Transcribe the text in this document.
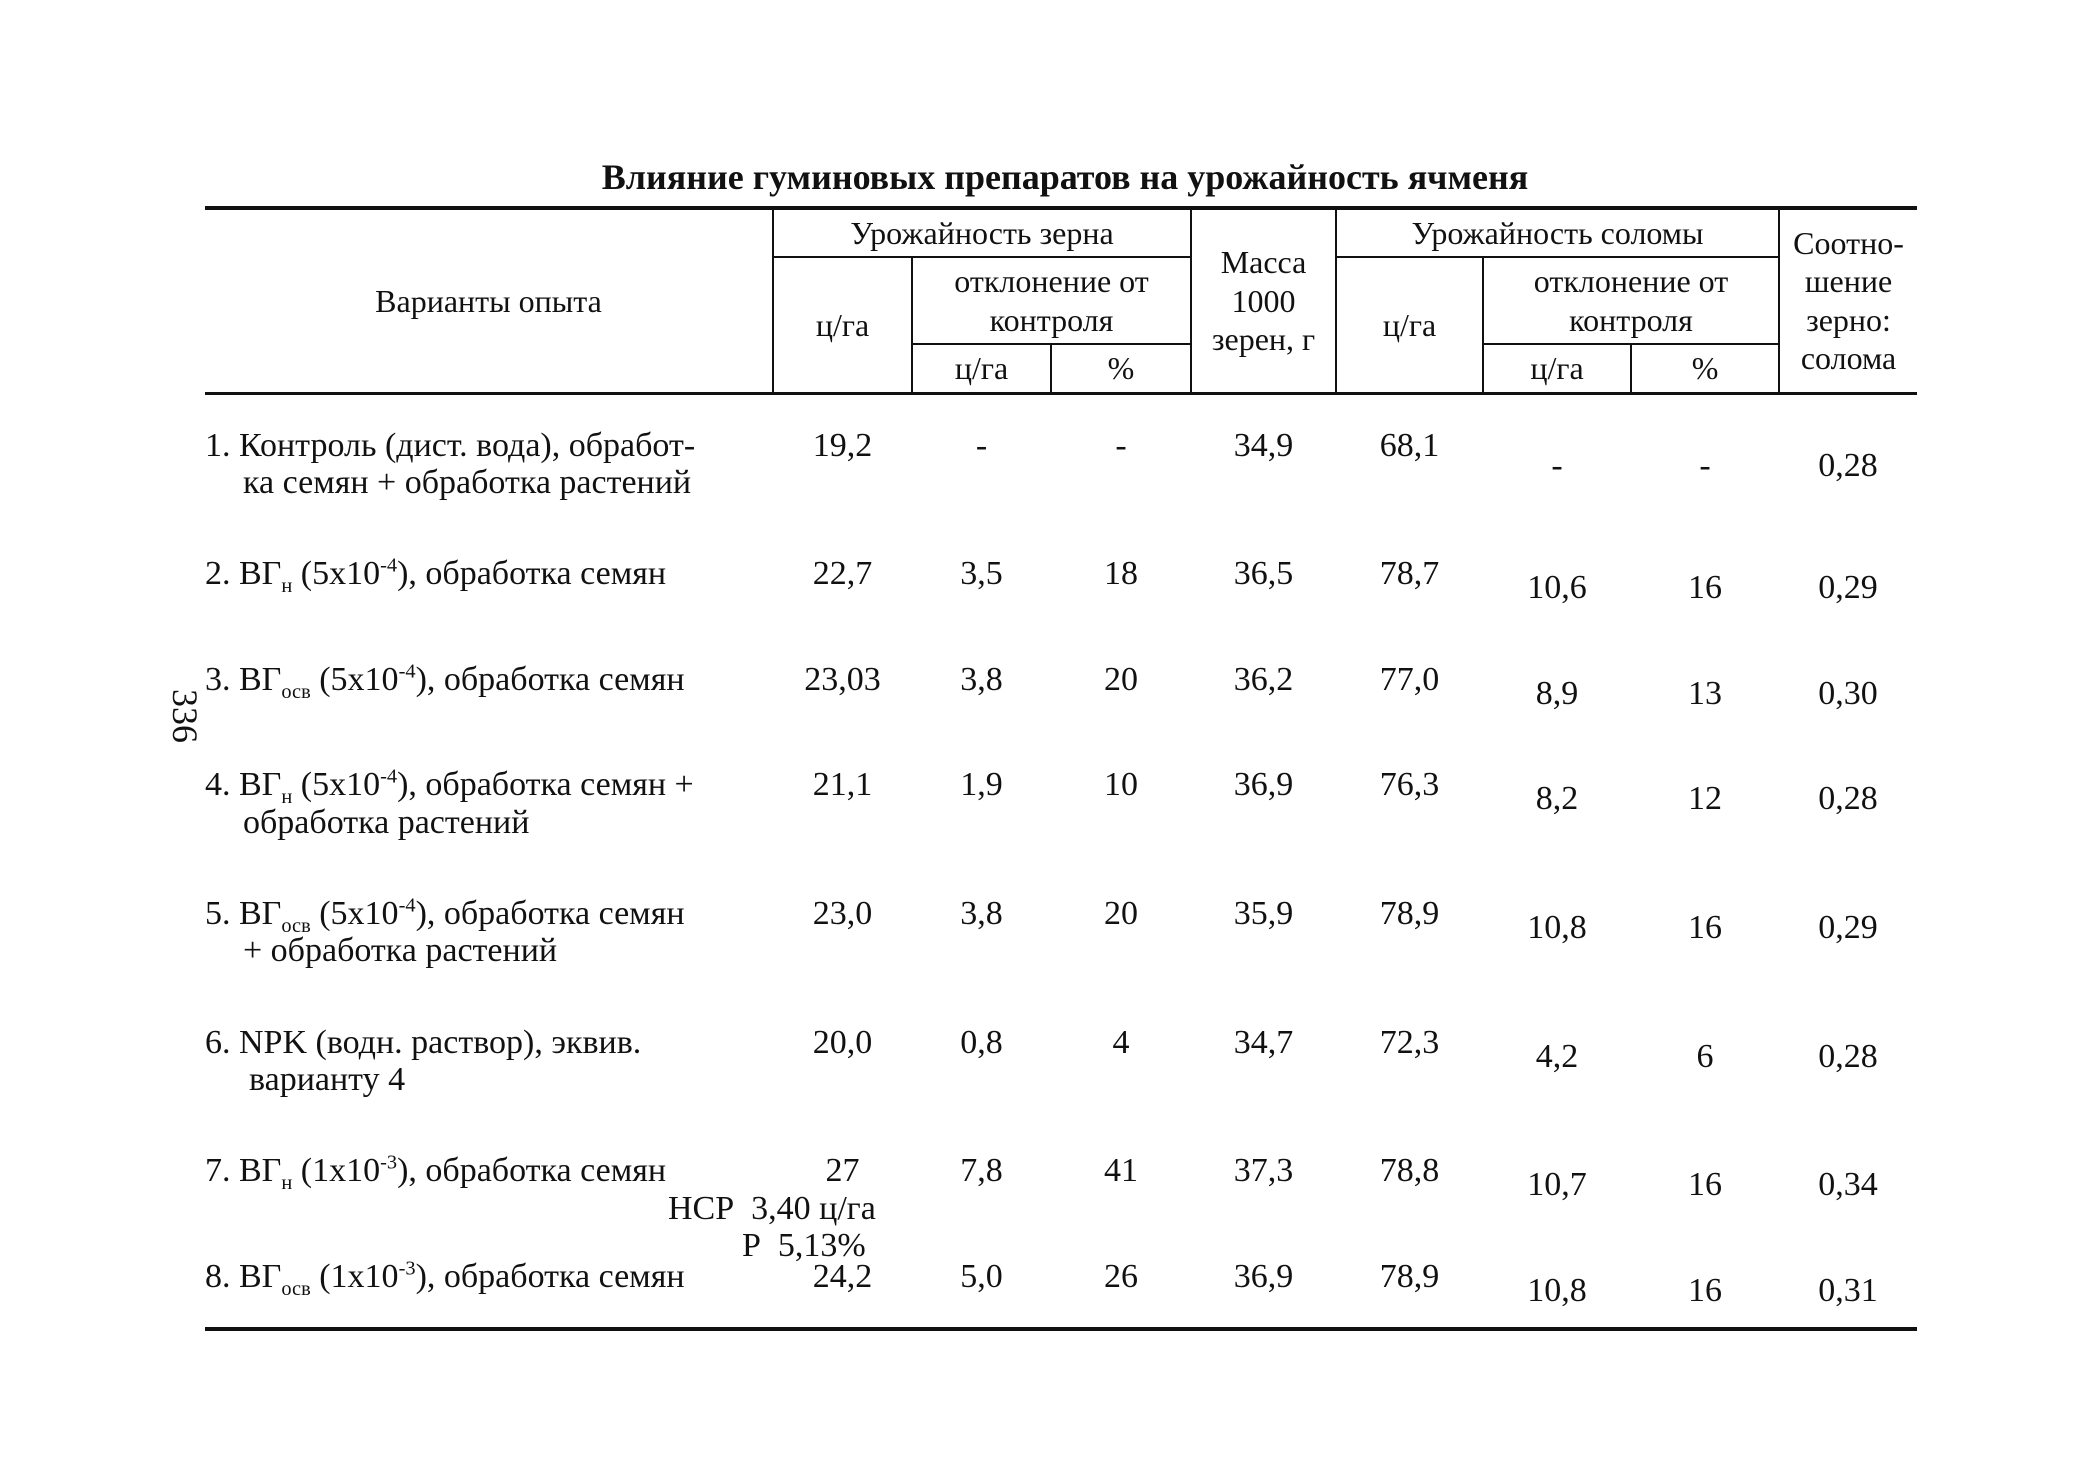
336
Влияние гуминовых препаратов на урожайность ячменя
Варианты опыта	Урожайность зерна			Масса 1000 зерен, г	Урожайность соломы			Соотно-шение зерно: солома
	ц/га	отклонение от контроля			ц/га	отклонение от контроля		
		ц/га	%			ц/га	%	
1. Контроль (дист. вода), обработ-
ка семян + обработка растений	19,2	-	-	34,9	68,1	-	-	0,28
2. $ВГ_н$ $(5х10^{-4})$, обработка семян	22,7	3,5	18	36,5	78,7	10,6	16	0,29
3. $ВГ_{осв}$ $(5х10^{-4})$, обработка семян	23,03	3,8	20	36,2	77,0	8,9	13	0,30
4. $ВГ_н$ $(5х10^{-4})$, обработка семян +
обработка растений	21,1	1,9	10	36,9	76,3	8,2	12	0,28
5. $ВГ_{осв}$ $(5х10^{-4})$, обработка семян
+ обработка растений	23,0	3,8	20	35,9	78,9	10,8	16	0,29
6. NPK (водн. раствор), эквив.
варианту 4	20,0	0,8	4	34,7	72,3	4,2	6	0,28
7. $ВГ_н$ $(1х10^{-3})$, обработка семян	27	7,8	41	37,3	78,8	10,7	16	0,34
8. $ВГ_{осв}$ $(1х10^{-3})$, обработка семян	24,2	5,0	26	36,9	78,9	10,8	16	0,31
НСР  3,40 ц/га
Р  5,13%
